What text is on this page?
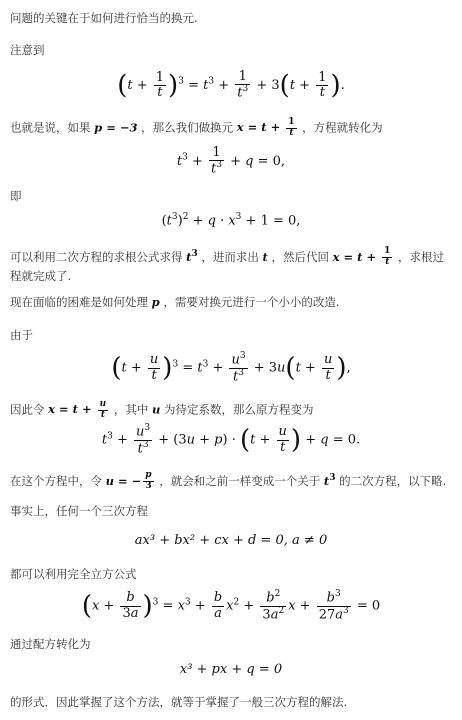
问题的关键在于如何进行恰当的换元.
注意到
$(t + \frac{1}{t} )^3 = t^3 + \frac{1}{t^3} + 3(t + \frac{1}{t}$ ).
也就是说，如果 p = −3 ，那么我们做换元 $x = t + \frac{1}{t}$ ，方程就转化为
$t^3 + \frac{1}{t^3} + q = 0$,
即
$(t^3)^2 + q \cdot x^3 + 1 = 0$,
可以利用二次方程的求根公式求得 $t^3$ ，进而求出 t ，然后代回 $x = t + \frac{1}{t}$ ，求根过程就完成了.
现在面临的困难是如何处理 p ，需要对换元进行一个小小的改造.
由于
$(t + \frac{u}{t} )^3 = t^3 + \frac{u^3}{t^3} + 3u(t + \frac{u}{t}$ ),
因此令 $x = t + \frac{u}{t}$ ，其中 u 为待定系数，那么原方程变为
$t^3 + \frac{u^3}{t^3} + (3u + p) \cdot (t + \frac{u}{t}$ ) + q = 0.
在这个方程中，令 u = − $\frac{p}{3}$ ，就会和之前一样变成一个关于 $t^3$ 的二次方程，以下略.
事实上，任何一个三次方程
ax³ + bx² + cx + d = 0, a ≠ 0
都可以利用完全立方公式
$(x + \frac{b}{3a} )^3 = x^3 + \frac{b}{a} x^2 + \frac{b^2}{3a^2}$ $x + \frac{b^3}{27a^3} = 0$
通过配方转化为
x³ + px + q = 0
的形式．因此掌握了这个方法，就等于掌握了一般三次方程的解法.
